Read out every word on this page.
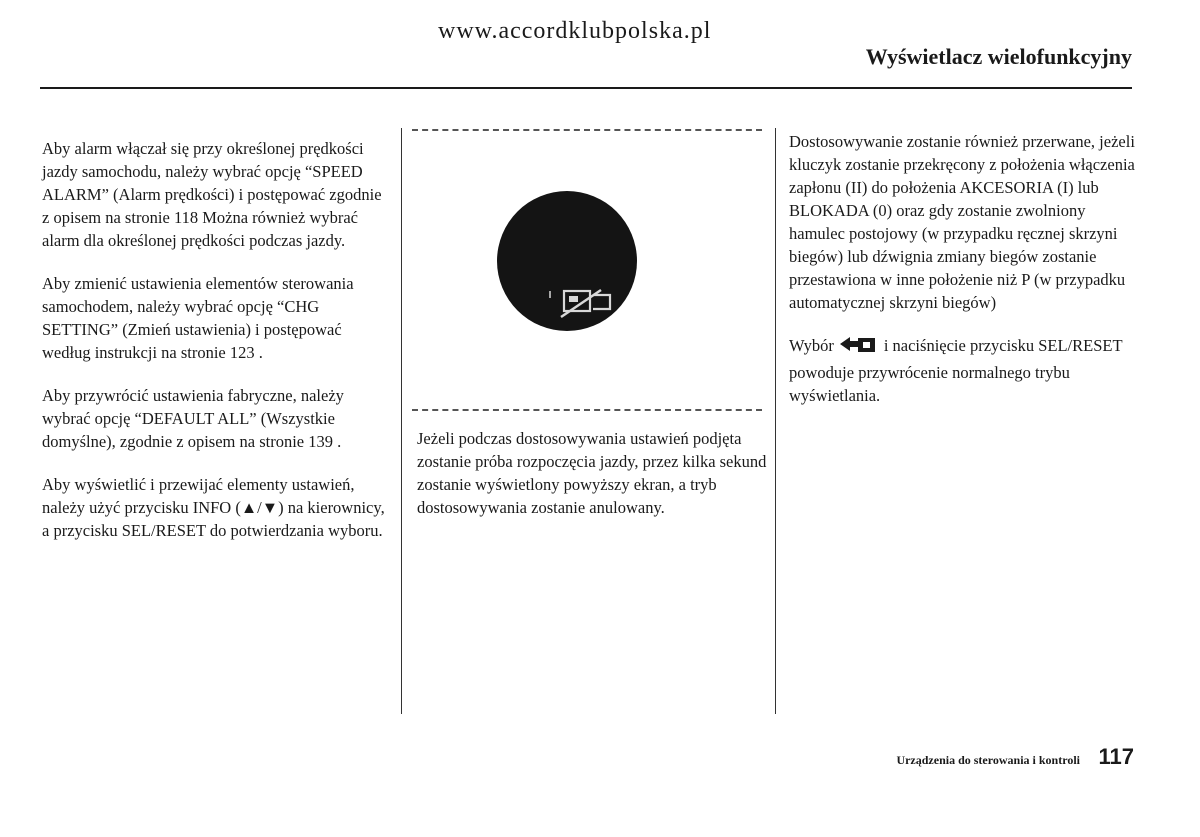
www.accordklubpolska.pl
Wyświetlacz wielofunkcyjny

Aby alarm włączał się przy określonej prędkości jazdy samochodu, należy wybrać opcję “SPEED ALARM” (Alarm prędkości) i postępować zgodnie z opisem na stronie 118 Można również wybrać alarm dla określonej prędkości podczas jazdy.

Aby zmienić ustawienia elementów sterowania samochodem, należy wybrać opcję “CHG SETTING” (Zmień ustawienia) i postępować według instrukcji na stronie 123 .

Aby przywrócić ustawienia fabryczne, należy wybrać opcję “DEFAULT ALL” (Wszystkie domyślne), zgodnie z opisem na stronie 139 .

Aby wyświetlić i przewijać elementy ustawień, należy użyć przycisku INFO (▲/▼) na kierownicy, a przycisku SEL/RESET do potwierdzania wyboru.

Jeżeli podczas dostosowywania ustawień podjęta zostanie próba rozpoczęcia jazdy, przez kilka sekund zostanie wyświetlony powyższy ekran, a tryb dostosowywania zostanie anulowany.

Dostosowywanie zostanie również przerwane, jeżeli kluczyk zostanie przekręcony z położenia włączenia zapłonu (II) do położenia AKCESORIA (I) lub BLOKADA (0) oraz gdy zostanie zwolniony hamulec postojowy (w przypadku ręcznej skrzyni biegów) lub dźwignia zmiany biegów zostanie przestawiona w inne położenie niż P (w przypadku automatycznej skrzyni biegów)

Wybór	i naciśnięcie przycisku SEL/RESET powoduje przywrócenie normalnego trybu wyświetlania.

Urządzenia do sterowania i kontroli 117
